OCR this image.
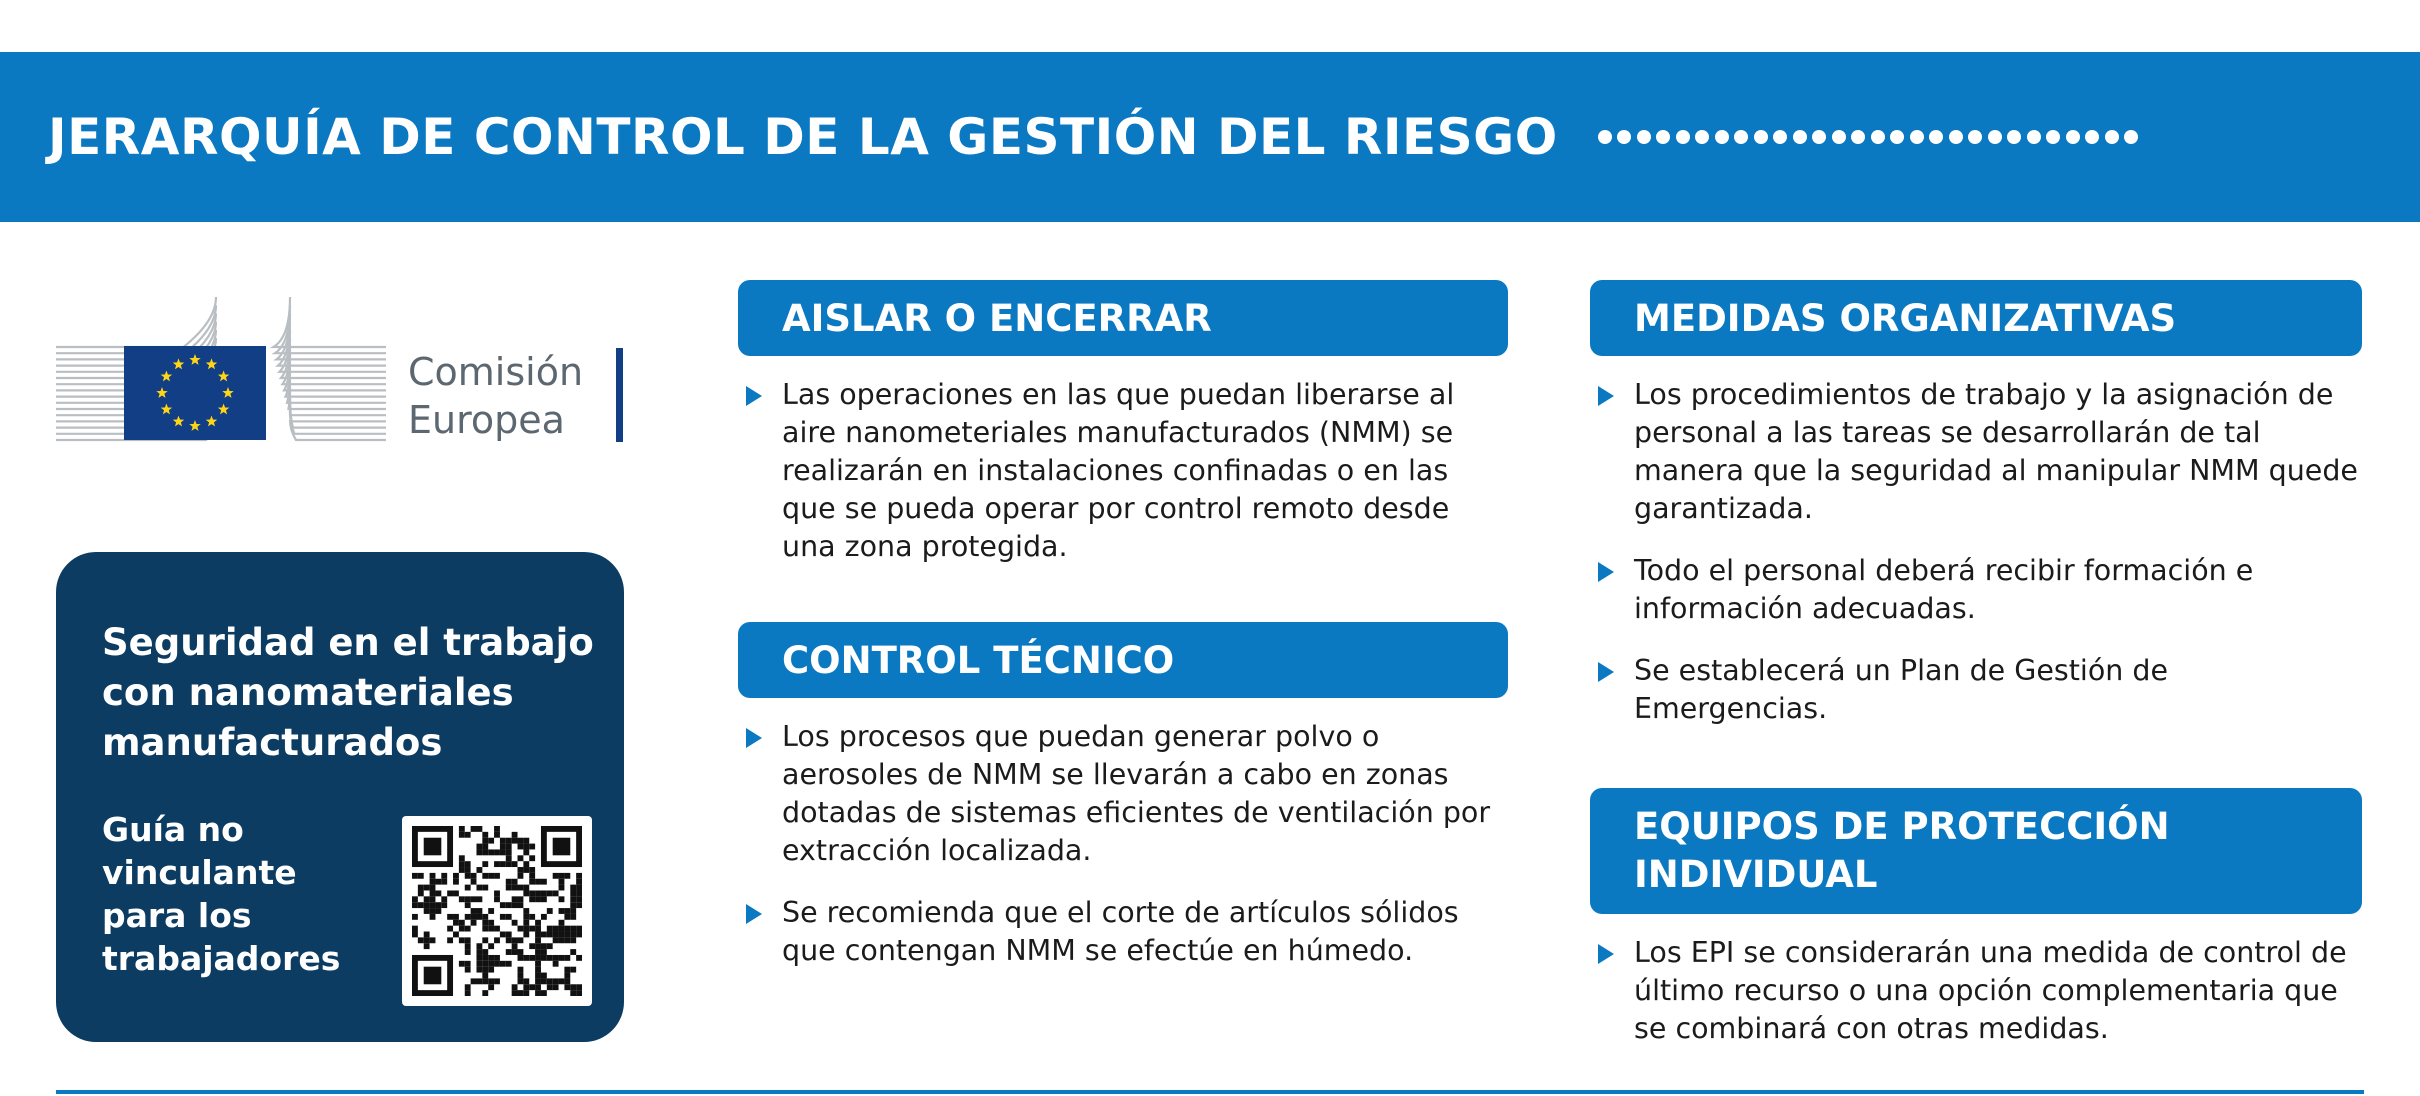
JERARQUÍA DE CONTROL DE LA GESTIÓN DEL RIESGO
Comisión
Europea
Seguridad en el trabajo con nanomateriales manufacturados
Guía no vinculante para los trabajadores
AISLAR O ENCERRAR
Las operaciones en las que puedan liberarse al aire nanometeriales manufacturados (NMM) se realizarán en instalaciones confinadas o en las que se pueda operar por control remoto desde una zona protegida.
CONTROL TÉCNICO
Los procesos que puedan generar polvo o aerosoles de NMM se llevarán a cabo en zonas dotadas de sistemas eficientes de ventilación por extracción localizada.
Se recomienda que el corte de artículos sólidos que contengan NMM se efectúe en húmedo.
MEDIDAS ORGANIZATIVAS
Los procedimientos de trabajo y la asignación de personal a las tareas se desarrollarán de tal manera que la seguridad al manipular NMM quede garantizada.
Todo el personal deberá recibir formación e información adecuadas.
Se establecerá un Plan de Gestión de Emergencias.
EQUIPOS DE PROTECCIÓN INDIVIDUAL
Los EPI se considerarán una medida de control de último recurso o una opción complementaria que se combinará con otras medidas.
